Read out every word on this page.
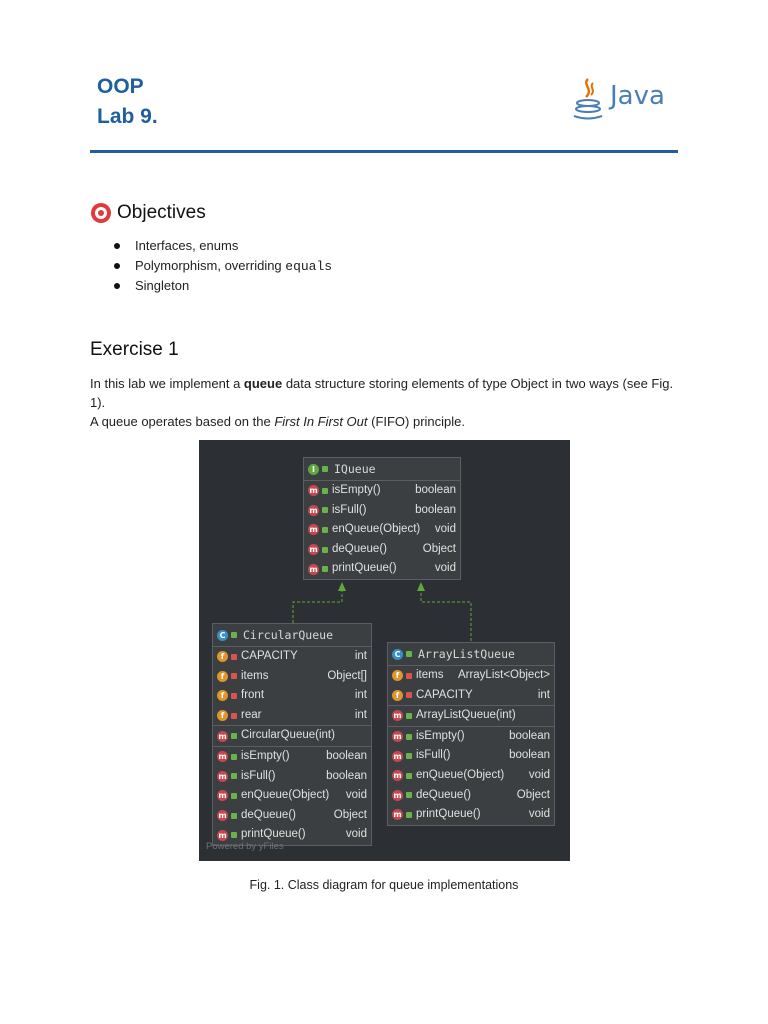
OOP
Lab 9.
Java
Objectives
Interfaces, enums
Polymorphism, overriding equals
Singleton
Exercise 1
In this lab we implement a queue data structure storing elements of type Object in two ways (see Fig. 1).
A queue operates based on the First In First Out (FIFO) principle.
I	IQueue
m	isEmpty()	boolean
m	isFull()	boolean
m	enQueue(Object)	void
m	deQueue()	Object
m	printQueue()	void
C	CircularQueue
f	CAPACITY	int
f	items	Object[]
f	front	int
f	rear	int
m	CircularQueue(int)
m	isEmpty()	boolean
m	isFull()	boolean
m	enQueue(Object)	void
m	deQueue()	Object
m	printQueue()	void
C	ArrayListQueue
f	items	ArrayList<Object>
f	CAPACITY	int
m	ArrayListQueue(int)
m	isEmpty()	boolean
m	isFull()	boolean
m	enQueue(Object)	void
m	deQueue()	Object
m	printQueue()	void
Powered by yFiles
Fig. 1. Class diagram for queue implementations
